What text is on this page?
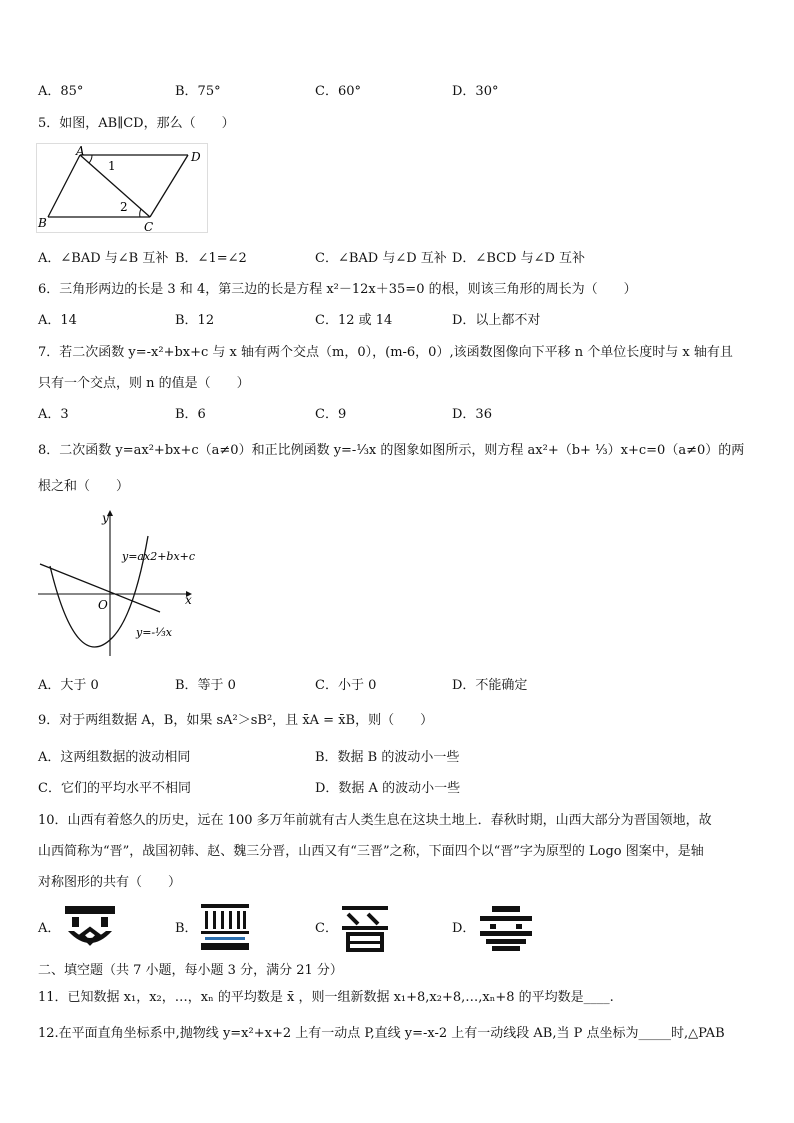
A．85°	B．75°	C．60°	D．30°
5．如图，AB∥CD，那么（　　）
A	D
B	C
1
2
A．∠BAD 与∠B 互补 B．∠1=∠2	C．∠BAD 与∠D 互补 D．∠BCD 与∠D 互补
6．三角形两边的长是 3 和 4，第三边的长是方程 x²－12x＋35=0 的根，则该三角形的周长为（　　）
A．14	B．12	C．12 或 14	D．以上都不对
7．若二次函数 y=-x²+bx+c 与 x 轴有两个交点（m，0），(m-6，0）,该函数图像向下平移 n 个单位长度时与 x 轴有且
只有一个交点，则 n 的值是（　　）
A．3	B．6	C．9	D．36
8．二次函数 y=ax²+bx+c（a≠0）和正比例函数 y=-⅓x 的图象如图所示，则方程 ax²+（b+ ⅓）x+c=0（a≠0）的两
根之和（　　）
y
x
O
y=ax2+bx+c
y=-⅓x
A．大于 0	B．等于 0	C．小于 0	D．不能确定
9．对于两组数据 A，B，如果 sA²＞sB²，且 x̄A = x̄B，则（　　）
A．这两组数据的波动相同	B．数据 B 的波动小一些
C．它们的平均水平不相同	D．数据 A 的波动小一些
10．山西有着悠久的历史，远在 100 多万年前就有古人类生息在这块土地上．春秋时期，山西大部分为晋国领地，故
山西简称为“晋”，战国初韩、赵、魏三分晋，山西又有“三晋”之称，下面四个以“晋”字为原型的 Logo 图案中，是轴
对称图形的共有（　　）
A．	B．	C．	D．
二、填空题（共 7 小题，每小题 3 分，满分 21 分）
11．已知数据 x₁，x₂，…，xₙ 的平均数是 x̄ ，则一组新数据 x₁+8,x₂+8,…,xₙ+8 的平均数是____.
12.在平面直角坐标系中,抛物线 y=x²+x+2 上有一动点 P,直线 y=-x-2 上有一动线段 AB,当 P 点坐标为_____时,△PAB
